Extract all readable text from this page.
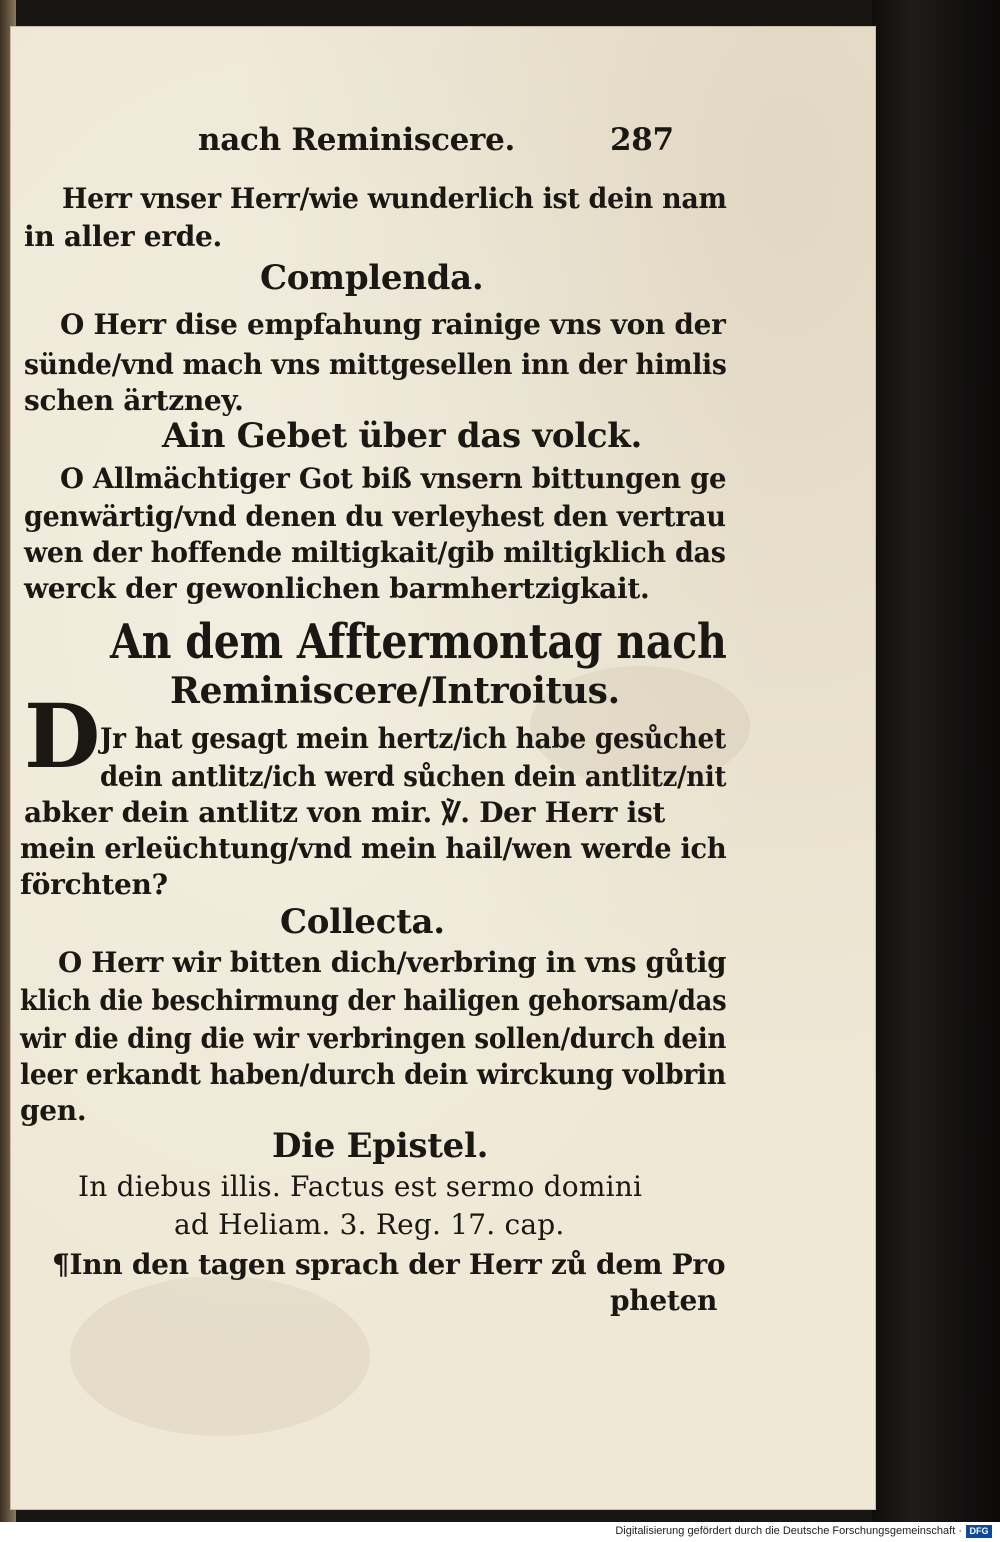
nach Reminiscere.	287
Herr vnser Herr/wie wunderlich ist dein nam
in aller erde.
Complenda.
O Herr dise empfahung rainige vns von der
sünde/vnd mach vns mittgesellen inn der himlis
schen ärtzney.
Ain Gebet über das volck.
O Allmächtiger Got biß vnsern bittungen ge
genwärtig/vnd denen du verleyhest den vertrau
wen der hoffende miltigkait/gib miltigklich das
werck der gewonlichen barmhertzigkait.
An dem Afftermontag nach
Reminiscere/Introitus.
D Jr hat gesagt mein hertz/ich habe gesůchet
dein antlitz/ich werd sůchen dein antlitz/nit
abker dein antlitz von mir. ℣. Der Herr ist
mein erleüchtung/vnd mein hail/wen werde ich
förchten?
Collecta.
O Herr wir bitten dich/verbring in vns gůtig
klich die beschirmung der hailigen gehorsam/das
wir die ding die wir verbringen sollen/durch dein
leer erkandt haben/durch dein wirckung volbrin
gen.
Die Epistel.
In diebus illis. Factus est sermo domini
ad Heliam. 3. Reg. 17. cap.
¶Inn den tagen sprach der Herr zů dem Pro
pheten
Digitalisierung gefördert durch die Deutsche Forschungsgemeinschaft · DFG
